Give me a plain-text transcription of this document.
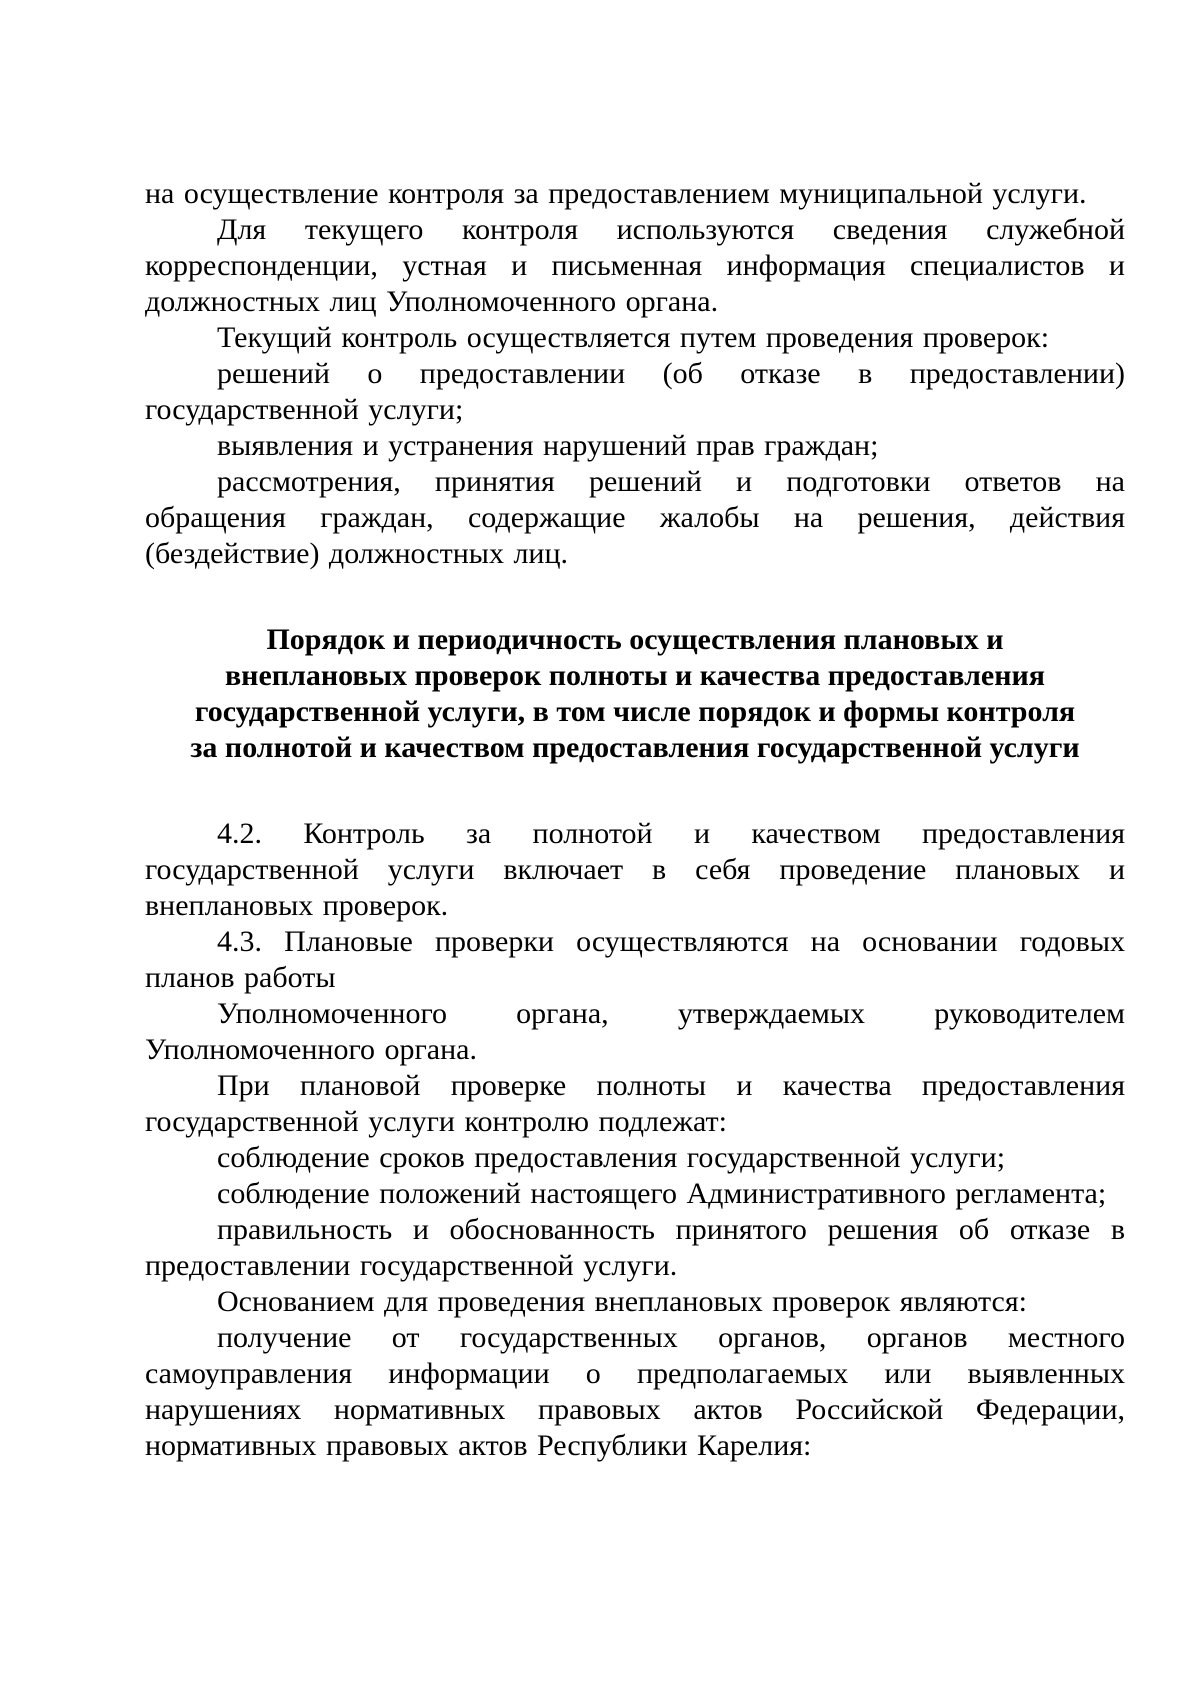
на осуществление контроля за предоставлением муниципальной услуги.

Для текущего контроля используются сведения служебной корреспонденции, устная и письменная информация специалистов и должностных лиц Уполномоченного органа.

Текущий контроль осуществляется путем проведения проверок:

решений о предоставлении (об отказе в предоставлении) государственной услуги;

выявления и устранения нарушений прав граждан;

рассмотрения, принятия решений и подготовки ответов на обращения граждан, содержащие жалобы на решения, действия (бездействие) должностных лиц.

Порядок и периодичность осуществления плановых и
внеплановых проверок полноты и качества предоставления
государственной услуги, в том числе порядок и формы контроля
за полнотой и качеством предоставления государственной услуги

4.2. Контроль за полнотой и качеством предоставления государственной услуги включает в себя проведение плановых и внеплановых проверок.

4.3. Плановые проверки осуществляются на основании годовых планов работы

Уполномоченного органа, утверждаемых руководителем Уполномоченного органа.

При плановой проверке полноты и качества предоставления государственной услуги контролю подлежат:

соблюдение сроков предоставления государственной услуги;

соблюдение положений настоящего Административного регламента;

правильность и обоснованность принятого решения об отказе в предоставлении государственной услуги.

Основанием для проведения внеплановых проверок являются:

получение от государственных органов, органов местного самоуправления информации о предполагаемых или выявленных нарушениях нормативных правовых актов Российской Федерации, нормативных правовых актов Республики Карелия:
